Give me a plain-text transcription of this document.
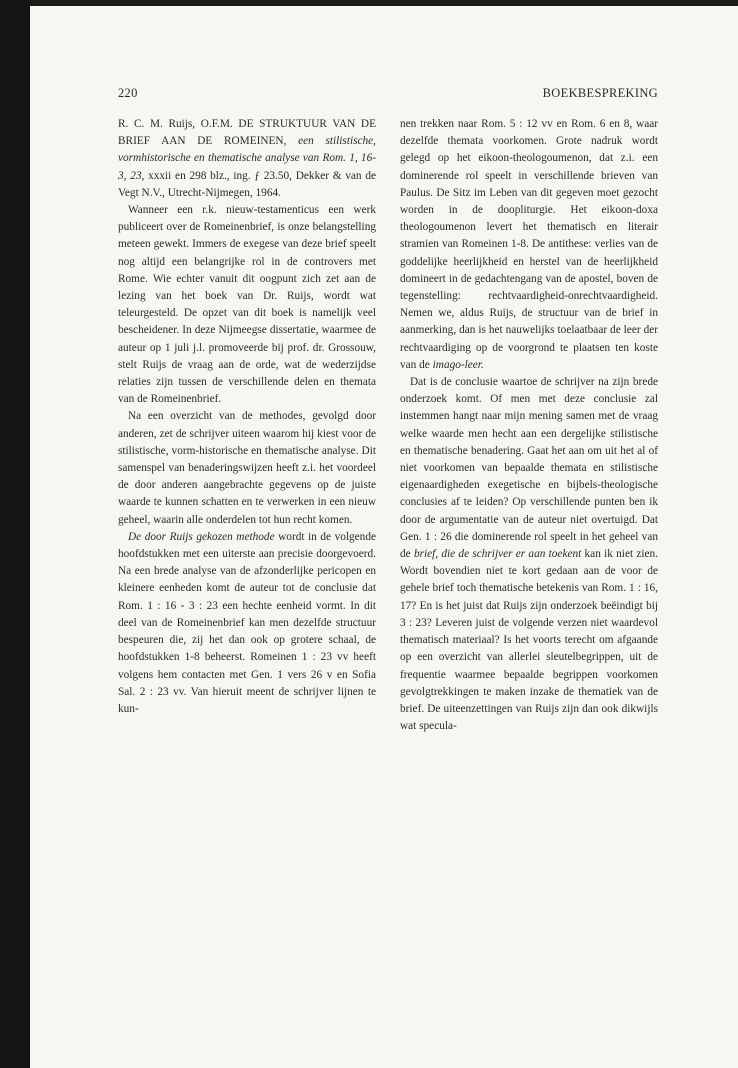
220	BOEKBESPREKING

R. C. M. Ruijs, O.F.M. DE STRUKTUUR VAN DE BRIEF AAN DE ROMEINEN, een stilistische, vormhistorische en thematische analyse van Rom. 1, 16-3, 23, xxxii en 298 blz., ing. ƒ 23.50, Dekker & van de Vegt N.V., Utrecht-Nijmegen, 1964.

Wanneer een r.k. nieuw-testamenticus een werk publiceert over de Romeinenbrief, is onze belangstelling meteen gewekt. Immers de exegese van deze brief speelt nog altijd een belangrijke rol in de controvers met Rome. Wie echter vanuit dit oogpunt zich zet aan de lezing van het boek van Dr. Ruijs, wordt wat teleurgesteld. De opzet van dit boek is namelijk veel bescheidener. In deze Nijmeegse dissertatie, waarmee de auteur op 1 juli j.l. promoveerde bij prof. dr. Grossouw, stelt Ruijs de vraag aan de orde, wat de wederzijdse relaties zijn tussen de verschillende delen en themata van de Romeinenbrief.

Na een overzicht van de methodes, gevolgd door anderen, zet de schrijver uiteen waarom hij kiest voor de stilistische, vorm-historische en thematische analyse. Dit samenspel van benaderingswijzen heeft z.i. het voordeel de door anderen aangebrachte gegevens op de juiste waarde te kunnen schatten en te verwerken in een nieuw geheel, waarin alle onderdelen tot hun recht komen.

De door Ruijs gekozen methode wordt in de volgende hoofdstukken met een uiterste aan precisie doorgevoerd. Na een brede analyse van de afzonderlijke pericopen en kleinere eenheden komt de auteur tot de conclusie dat Rom. 1 : 16 - 3 : 23 een hechte eenheid vormt. In dit deel van de Romeinenbrief kan men dezelfde structuur bespeuren die, zij het dan ook op grotere schaal, de hoofdstukken 1-8 beheerst. Romeinen 1 : 23 vv heeft volgens hem contacten met Gen. 1 vers 26 v en Sofia Sal. 2 : 23 vv. Van hieruit meent de schrijver lijnen te kun-

nen trekken naar Rom. 5 : 12 vv en Rom. 6 en 8, waar dezelfde themata voorkomen. Grote nadruk wordt gelegd op het eikoon-theologoumenon, dat z.i. een dominerende rol speelt in verschillende brieven van Paulus. De Sitz im Leben van dit gegeven moet gezocht worden in de doopliturgie. Het eikoon-doxa theologoumenon levert het thematisch en literair stramien van Romeinen 1-8. De antithese: verlies van de goddelijke heerlijkheid en herstel van de heerlijkheid domineert in de gedachtengang van de apostel, boven de tegenstelling: rechtvaardigheid-onrechtvaardigheid. Nemen we, aldus Ruijs, de structuur van de brief in aanmerking, dan is het nauwelijks toelaatbaar de leer der rechtvaardiging op de voorgrond te plaatsen ten koste van de imago-leer.

Dat is de conclusie waartoe de schrijver na zijn brede onderzoek komt. Of men met deze conclusie zal instemmen hangt naar mijn mening samen met de vraag welke waarde men hecht aan een dergelijke stilistische en thematische benadering. Gaat het aan om uit het al of niet voorkomen van bepaalde themata en stilistische eigenaardigheden exegetische en bijbels-theologische conclusies af te leiden? Op verschillende punten ben ik door de argumentatie van de auteur niet overtuigd. Dat Gen. 1 : 26 die dominerende rol speelt in het geheel van de brief, die de schrijver er aan toekent kan ik niet zien. Wordt bovendien niet te kort gedaan aan de voor de gehele brief toch thematische betekenis van Rom. 1 : 16, 17? En is het juist dat Ruijs zijn onderzoek beëindigt bij 3 : 23? Leveren juist de volgende verzen niet waardevol thematisch materiaal? Is het voorts terecht om afgaande op een overzicht van allerlei sleutelbegrippen, uit de frequentie waarmee bepaalde begrippen voorkomen gevolgtrekkingen te maken inzake de thematiek van de brief. De uiteenzettingen van Ruijs zijn dan ook dikwijls wat specula-
